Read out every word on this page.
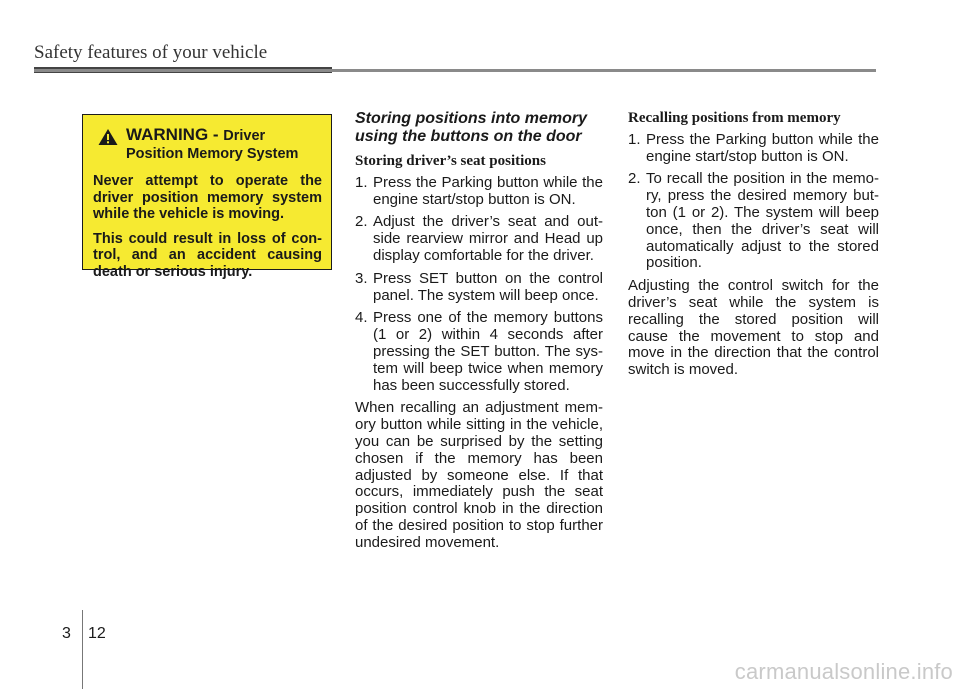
Safety features of your vehicle
WARNING - Driver
Position Memory System

Never attempt to operate the driver position memory system while the vehicle is moving.

This could result in loss of con- trol, and an accident causing death or serious injury.

Storing positions into memory using the buttons on the door
Storing driver’s seat positions
1. Press the Parking button while the engine start/stop button is ON.
2. Adjust the driver’s seat and out- side rearview mirror and Head up display comfortable for the driver.
3. Press SET button on the control panel. The system will beep once.
4. Press one of the memory buttons (1 or 2) within 4 seconds after pressing the SET button. The sys- tem will beep twice when memory has been successfully stored.

When recalling an adjustment mem- ory button while sitting in the vehicle, you can be surprised by the setting chosen if the memory has been adjusted by someone else. If that occurs, immediately push the seat position control knob in the direction of the desired position to stop further undesired movement.

Recalling positions from memory
1. Press the Parking button while the engine start/stop button is ON.
2. To recall the position in the memo- ry, press the desired memory but- ton (1 or 2). The system will beep once, then the driver’s seat will automatically adjust to the stored position.

Adjusting the control switch for the driver’s seat while the system is recalling the stored position will cause the movement to stop and move in the direction that the control switch is moved.

3 12
carmanualsonline.info
